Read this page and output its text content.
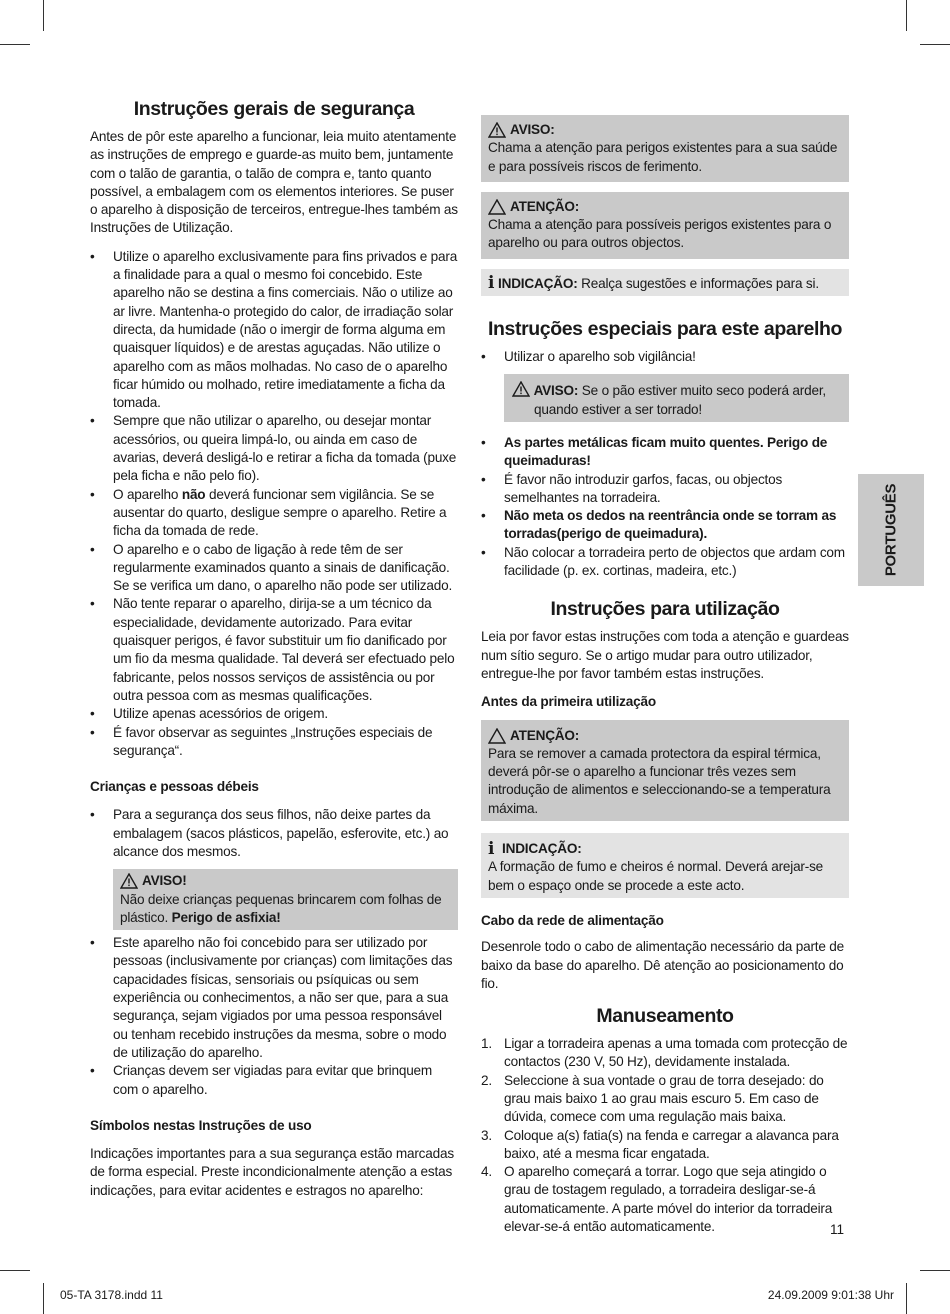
Instruções gerais de segurança

Antes de pôr este aparelho a funcionar, leia muito atentamente as instruções de emprego e guarde-as muito bem, juntamente com o talão de garantia, o talão de compra e, tanto quanto possível, a embalagem com os elementos interiores. Se puser o aparelho à disposição de terceiros, entregue-lhes também as Instruções de Utilização.

• Utilize o aparelho exclusivamente para fins privados e para a finalidade para a qual o mesmo foi concebido. Este aparelho não se destina a fins comerciais. Não o utilize ao ar livre. Mantenha-o protegido do calor, de irradiação solar directa, da humidade (não o imergir de forma alguma em quaisquer líquidos) e de arestas aguçadas. Não utilize o aparelho com as mãos molhadas. No caso de o aparelho ficar húmido ou molhado, retire imediatamente a ficha da tomada.
• Sempre que não utilizar o aparelho, ou desejar montar acessórios, ou queira limpá-lo, ou ainda em caso de avarias, deverá desligá-lo e retirar a ficha da tomada (puxe pela ficha e não pelo fio).
• O aparelho não deverá funcionar sem vigilância. Se se ausentar do quarto, desligue sempre o aparelho. Retire a ficha da tomada de rede.
• O aparelho e o cabo de ligação à rede têm de ser regularmente examinados quanto a sinais de danificação. Se se verifica um dano, o aparelho não pode ser utilizado.
• Não tente reparar o aparelho, dirija-se a um técnico da especialidade, devidamente autorizado. Para evitar quaisquer perigos, é favor substituir um fio danificado por um fio da mesma qualidade. Tal deverá ser efectuado pelo fabricante, pelos nossos serviços de assistência ou por outra pessoa com as mesmas qualificações.
• Utilize apenas acessórios de origem.
• É favor observar as seguintes „Instruções especiais de segurança“.
Crianças e pessoas débeis
• Para a segurança dos seus filhos, não deixe partes da embalagem (sacos plásticos, papelão, esferovite, etc.) ao alcance dos mesmos.
AVISO!

Não deixe crianças pequenas brincarem com folhas de plástico. Perigo de asfixia!

• Este aparelho não foi concebido para ser utilizado por pessoas (inclusivamente por crianças) com limitações das capacidades físicas, sensoriais ou psíquicas ou sem experiência ou conhecimentos, a não ser que, para a sua segurança, sejam vigiados por uma pessoa responsável ou tenham recebido instruções da mesma, sobre o modo de utilização do aparelho.
• Crianças devem ser vigiadas para evitar que brinquem com o aparelho.
Símbolos nestas Instruções de uso

Indicações importantes para a sua segurança estão marcadas de forma especial. Preste incondicionalmente atenção a estas indicações, para evitar acidentes e estragos no aparelho:

AVISO:

Chama a atenção para perigos existentes para a sua saúde e para possíveis riscos de ferimento.

ATENÇÃO:

Chama a atenção para possíveis perigos existentes para o aparelho ou para outros objectos.

i INDICAÇÃO: Realça sugestões e informações para si.

Instruções especiais para este aparelho
• Utilizar o aparelho sob vigilância!

AVISO: Se o pão estiver muito seco poderá arder, quando estiver a ser torrado!

• As partes metálicas ficam muito quentes. Perigo de queimaduras!
• É favor não introduzir garfos, facas, ou objectos semelhantes na torradeira.
• Não meta os dedos na reentrância onde se torram as torradas(perigo de queimadura).
• Não colocar a torradeira perto de objectos que ardam com facilidade (p. ex. cortinas, madeira, etc.)
Instruções para utilização

Leia por favor estas instruções com toda a atenção e guardeas num sítio seguro. Se o artigo mudar para outro utilizador, entregue-lhe por favor também estas instruções.

Antes da primeira utilização
ATENÇÃO:

Para se remover a camada protectora da espiral térmica, deverá pôr-se o aparelho a funcionar três vezes sem introdução de alimentos e seleccionando-se a temperatura máxima.

i INDICAÇÃO:

A formação de fumo e cheiros é normal. Deverá arejar-se bem o espaço onde se procede a este acto.

Cabo da rede de alimentação

Desenrole todo o cabo de alimentação necessário da parte de baixo da base do aparelho. Dê atenção ao posicionamento do fio.

Manuseamento
1. Ligar a torradeira apenas a uma tomada com protecção de contactos (230 V, 50 Hz), devidamente instalada.
2. Seleccione à sua vontade o grau de torra desejado: do grau mais baixo 1 ao grau mais escuro 5. Em caso de dúvida, comece com uma regulação mais baixa.
3. Coloque a(s) fatia(s) na fenda e carregar a alavanca para baixo, até a mesma ficar engatada.
4. O aparelho começará a torrar. Logo que seja atingido o grau de tostagem regulado, a torradeira desligar-se-á automaticamente. A parte móvel do interior da torradeira elevar-se-á então automaticamente.
PORTUGUÊS
11
05-TA 3178.indd 11	24.09.2009 9:01:38 Uhr
